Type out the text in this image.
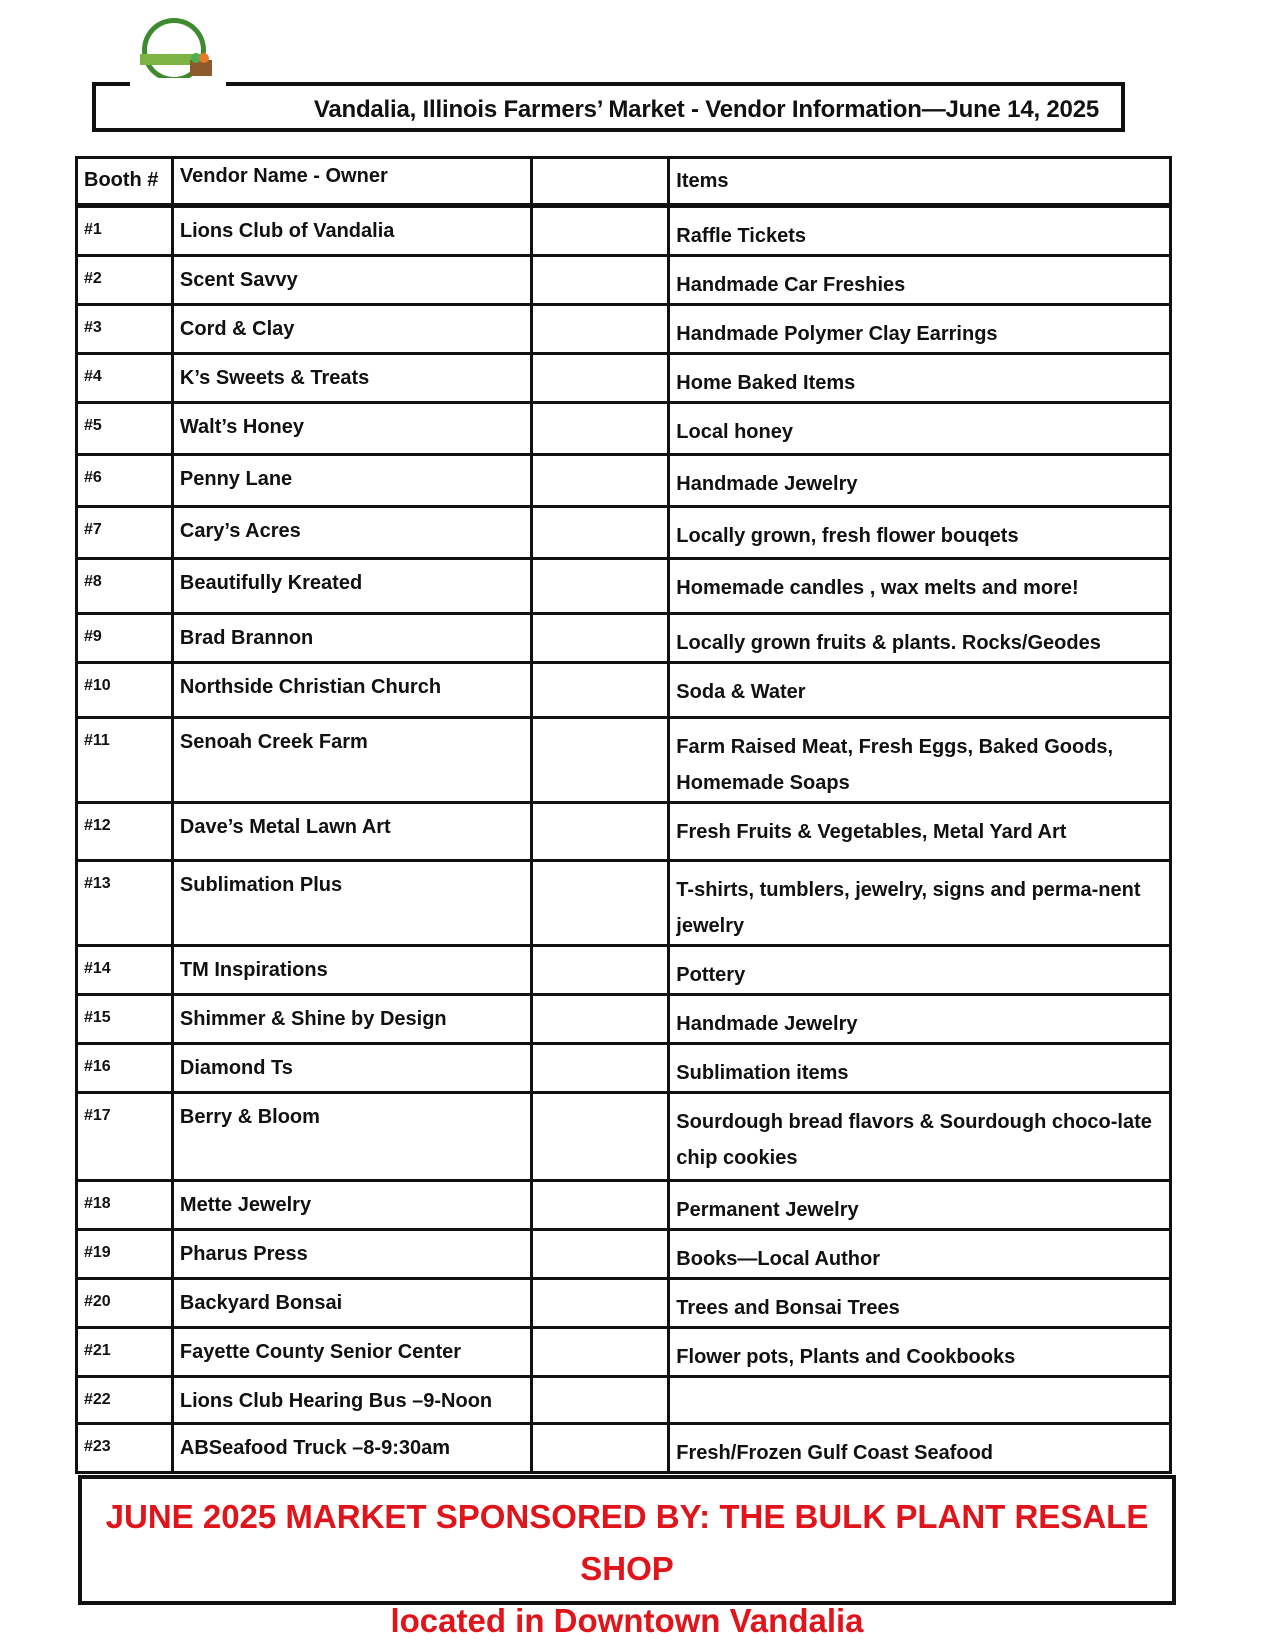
Vandalia, Illinois Farmers’ Market - Vendor Information—June 14, 2025
Booth #	Vendor Name - Owner		Items
#1	Lions Club of Vandalia		Raffle Tickets
#2	Scent Savvy		Handmade Car Freshies
#3	Cord & Clay		Handmade Polymer Clay Earrings
#4	K’s Sweets & Treats		Home Baked Items
#5	Walt’s Honey		Local honey
#6	Penny Lane		Handmade Jewelry
#7	Cary’s Acres		Locally grown, fresh flower bouqets
#8	Beautifully Kreated		Homemade candles , wax melts and more!
#9	Brad Brannon		Locally grown fruits & plants. Rocks/Geodes
#10	Northside Christian Church		Soda & Water
#11	Senoah Creek Farm		Farm Raised Meat, Fresh Eggs, Baked Goods, Homemade Soaps
#12	Dave’s Metal Lawn Art		Fresh Fruits & Vegetables, Metal Yard Art
#13	Sublimation Plus		T-shirts, tumblers, jewelry, signs and perma-nent jewelry
#14	TM Inspirations		Pottery
#15	Shimmer & Shine by Design		Handmade Jewelry
#16	Diamond Ts		Sublimation items
#17	Berry & Bloom		Sourdough bread flavors & Sourdough choco-late chip cookies
#18	Mette Jewelry		Permanent Jewelry
#19	Pharus Press		Books—Local Author
#20	Backyard Bonsai		Trees and Bonsai Trees
#21	Fayette County Senior Center		Flower pots, Plants and Cookbooks
#22	Lions Club Hearing Bus –9-Noon		
#23	ABSeafood Truck –8-9:30am		Fresh/Frozen Gulf Coast Seafood
JUNE 2025 MARKET SPONSORED BY: THE BULK PLANT RESALE SHOP
located in Downtown Vandalia
